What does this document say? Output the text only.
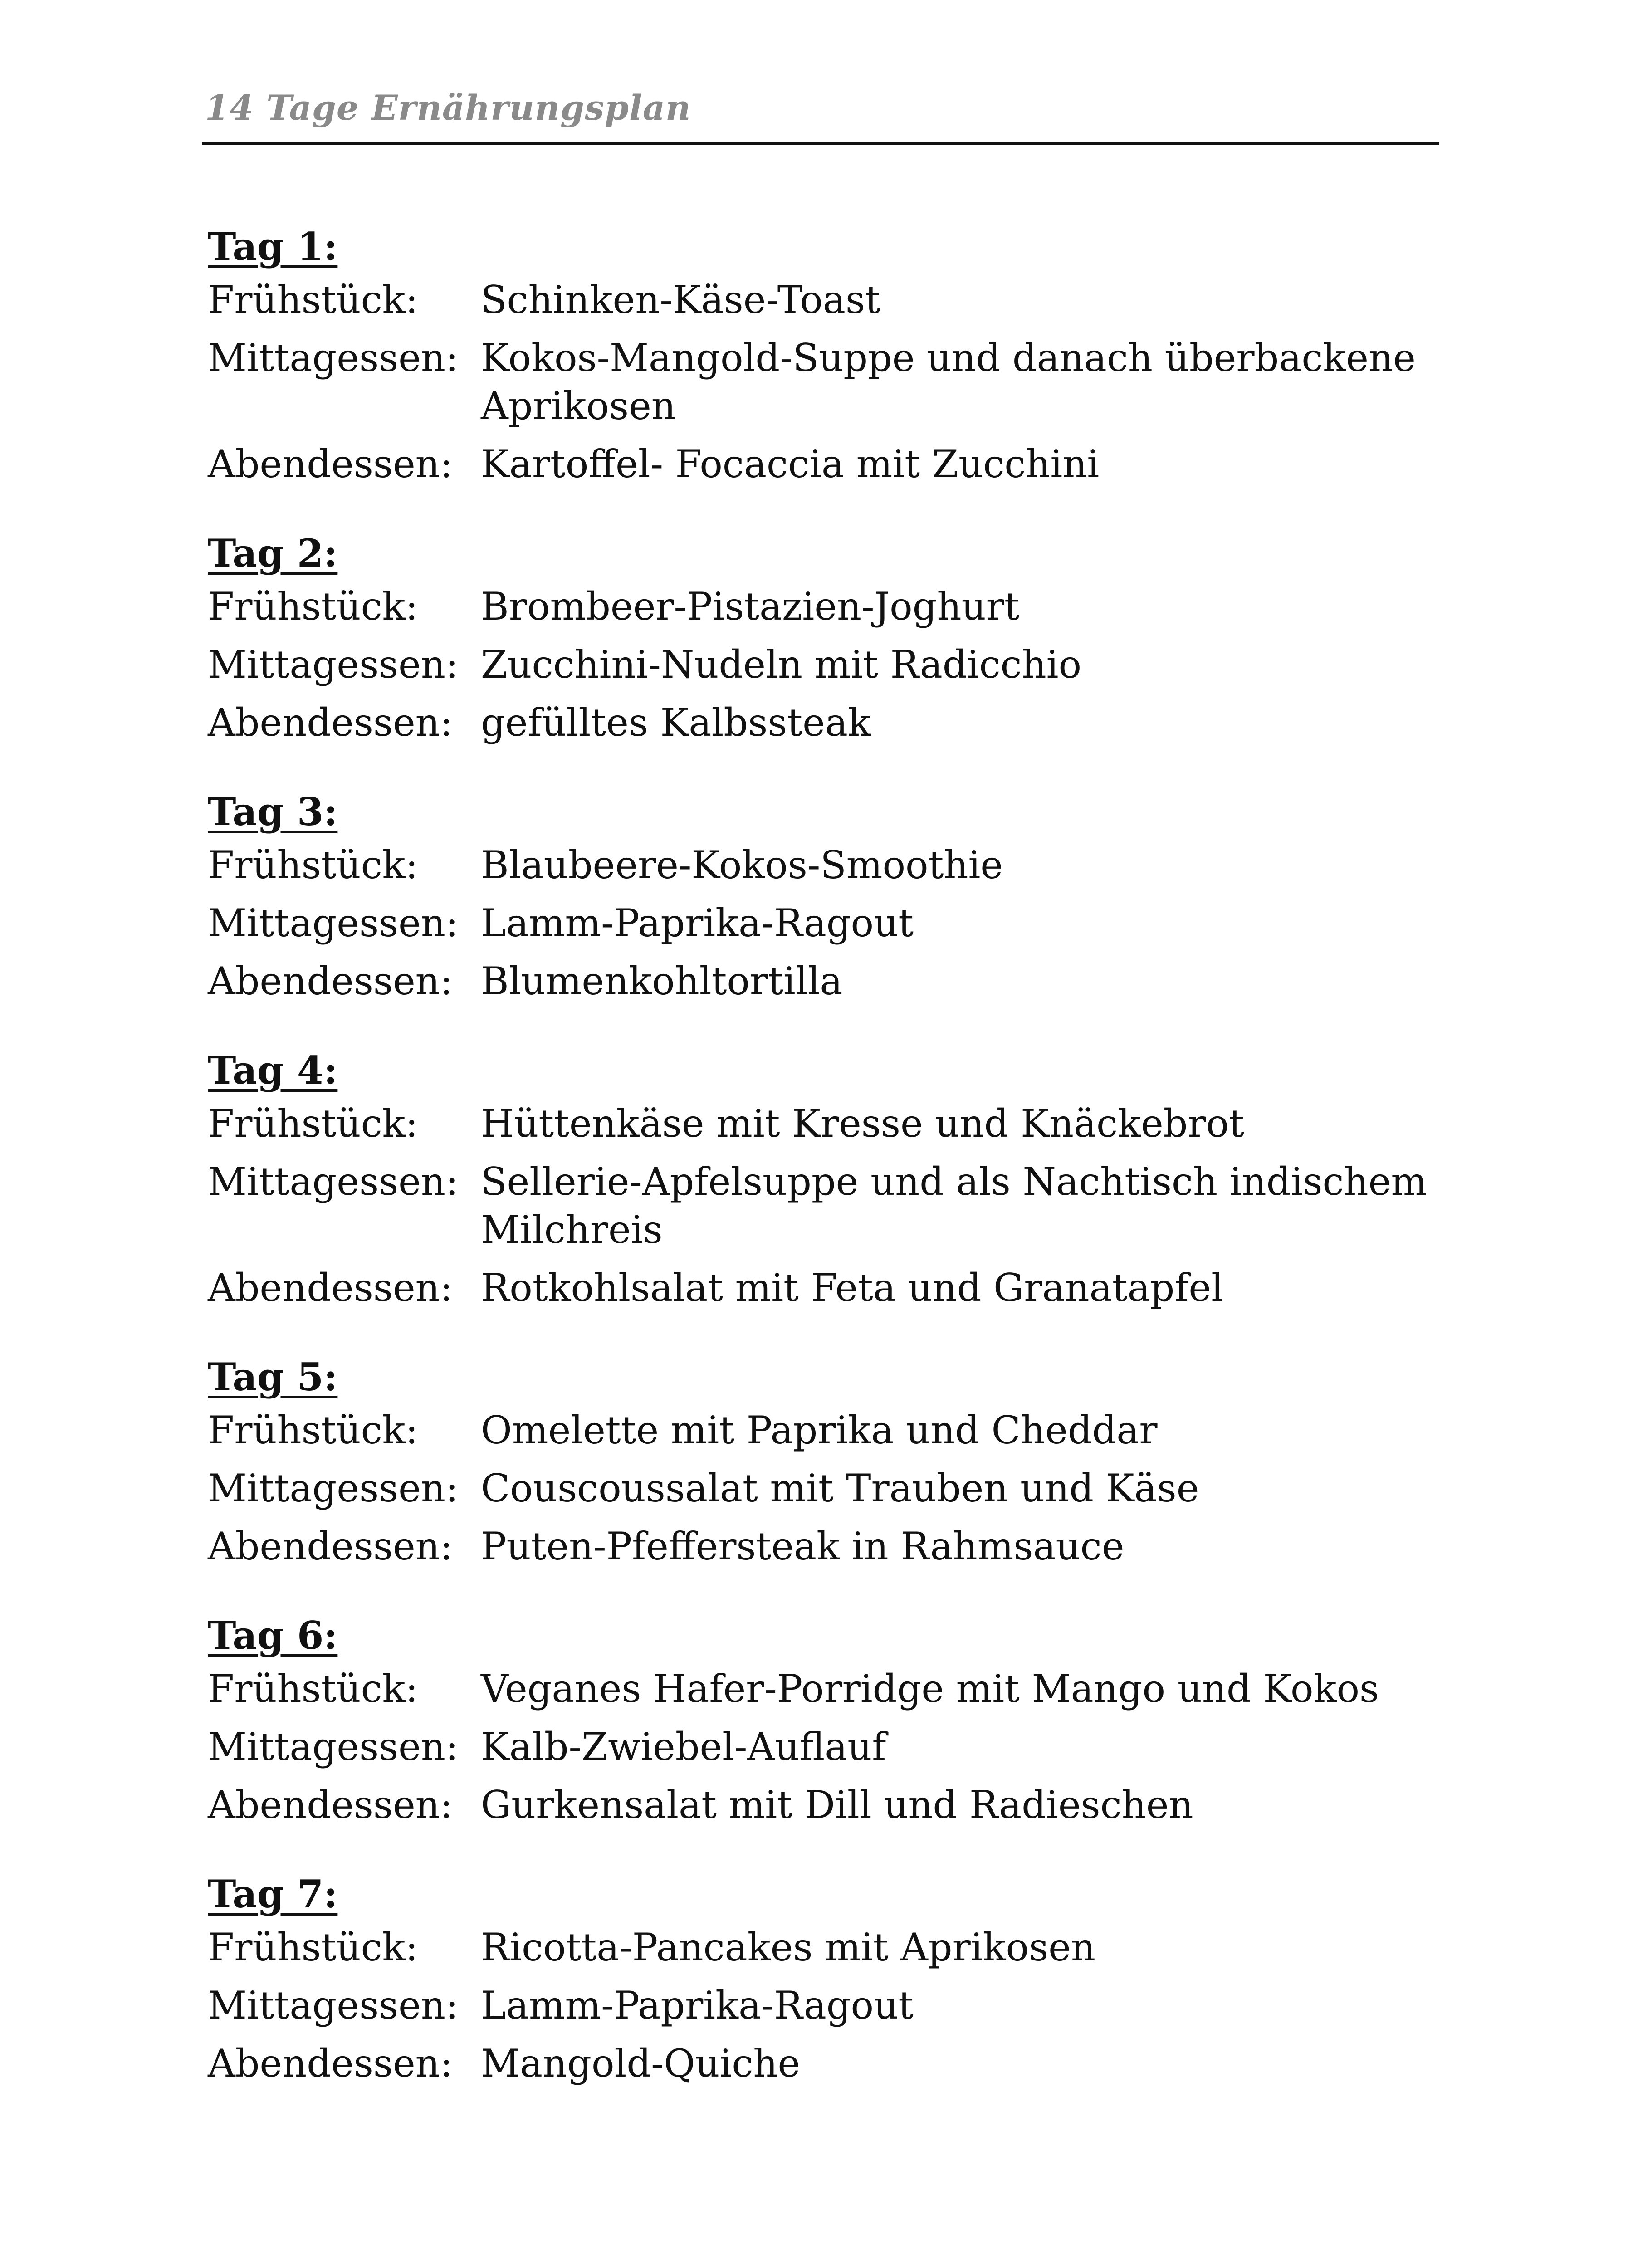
14 Tage Ernährungsplan
Tag 1:
Frühstück:	Schinken-Käse-Toast
Mittagessen: Kokos-Mangold-Suppe und danach überbackene Aprikosen
Abendessen: Kartoffel- Focaccia mit Zucchini
Tag 2:
Frühstück:	Brombeer-Pistazien-Joghurt
Mittagessen: Zucchini-Nudeln mit Radicchio
Abendessen: gefülltes Kalbssteak
Tag 3:
Frühstück:	Blaubeere-Kokos-Smoothie
Mittagessen: Lamm-Paprika-Ragout
Abendessen: Blumenkohltortilla
Tag 4:
Frühstück:	Hüttenkäse mit Kresse und Knäckebrot
Mittagessen: Sellerie-Apfelsuppe und als Nachtisch indischem Milchreis
Abendessen: Rotkohlsalat mit Feta und Granatapfel
Tag 5:
Frühstück:	Omelette mit Paprika und Cheddar
Mittagessen: Couscoussalat mit Trauben und Käse
Abendessen: Puten-Pfeffersteak in Rahmsauce
Tag 6:
Frühstück:	Veganes Hafer-Porridge mit Mango und Kokos
Mittagessen: Kalb-Zwiebel-Auflauf
Abendessen: Gurkensalat mit Dill und Radieschen
Tag 7:
Frühstück:	Ricotta-Pancakes mit Aprikosen
Mittagessen: Lamm-Paprika-Ragout
Abendessen: Mangold-Quiche
